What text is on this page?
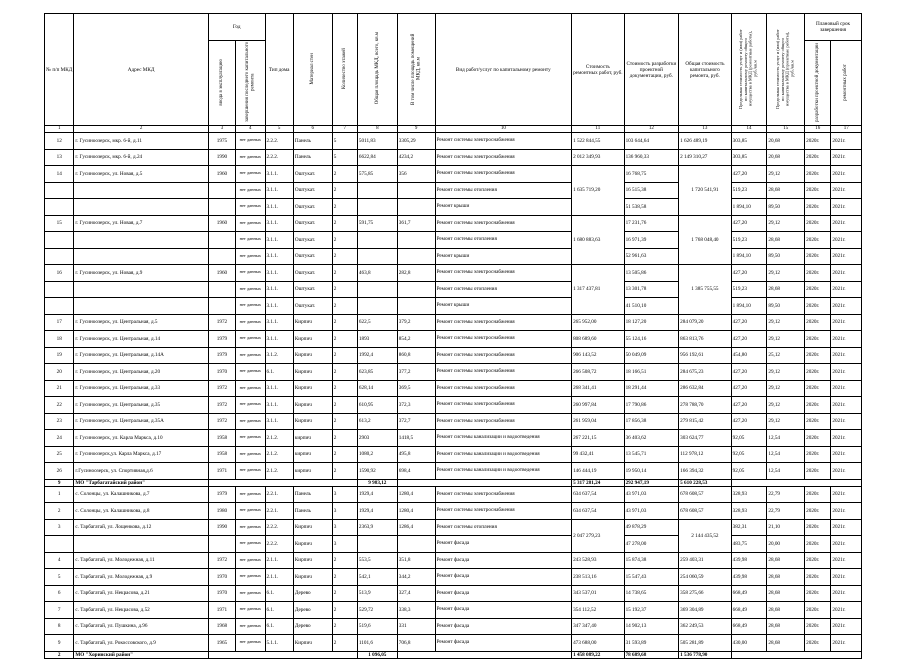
№ п/п МКД	Адрес МКД	Год		Тип дома	Материал стен	Количество этажей	Общая площадь МКД, всего, кв.м	В том числе площадь помещений МКД, кв.м	Вид работ/услуг по капитальному ремонту	Стоимость ремонтных работ, руб.	Стоимость разработки проектной документации, руб.	Общая стоимость капитального ремонта, руб.	Предельная стоимость услуг и (или) работ по капитальному ремонту общего имущества в МКД (ремонтные работы), руб./кв.м	Предельная стоимость услуг и (или) работ по капитальному ремонту общего имущества в МКД (проектные работы), руб./кв.м	Плановый срок завершения	
		ввода в эксплуатацию	завершения последнего капитального ремонта												разработки проектной документации	ремонтных работ
1	2	3	4	5	6	7	8	9	10	11	12	13	14	15	16	17
12	г. Гусиноозерск, мкр. 6-й, д.11	1975	нет данных	2.2.2.	Панель	5	5011,83	3305,29	Ремонт системы электроснабжения	1 522 844,55	103 644,64	1 626 489,19	303,85	20,68	2020г.	2021г.
13	г. Гусиноозерск, мкр. 6-й, д.24	1990	нет данных	2.2.2.	Панель	5	6622,84	4234,2	Ремонт системы электроснабжения	2 012 349,93	136 960,33	2 149 310,27	303,85	20,68	2020г.	2021г.
14	г. Гусиноозерск, ул. Новая, д.5	1960	нет данных	3.1.1.	Оштукат.	2	575,85	356	Ремонт системы электроснабжения	1 635 719,20	16 768,75	1 720 541,91	427,20	29,12	2020г.	2021г.
			нет данных	3.1.1.	Оштукат.	2			Ремонт системы отопления		16 515,38		519,23	28,68	2020г.	2021г.
			нет данных	3.1.1.	Оштукат.	2			Ремонт крыши		51 538,58		1 894,10	89,50	2020г.	2021г.
15	г. Гусиноозерск, ул. Новая, д.7	1960	нет данных	3.1.1.	Оштукат.	2	591,75	361,7	Ремонт системы электроснабжения	1 680 883,63	17 231,76	1 768 048,40	427,20	29,12	2020г.	2021г.
			нет данных	3.1.1.	Оштукат.	2			Ремонт системы отопления		16 971,39		519,23	28,68	2020г.	2021г.
			нет данных	3.1.1.	Оштукат.	2			Ремонт крыши		52 961,63		1 894,10	89,50	2020г.	2021г.
16	г. Гусиноозерск, ул. Новая, д.9	1960	нет данных	3.1.1.	Оштукат.	2	463,8	282,8	Ремонт системы электроснабжения	1 317 437,81	13 505,86	1 385 755,55	427,20	29,12	2020г.	2021г.
			нет данных	3.1.1.	Оштукат.	2			Ремонт системы отопления		13 301,78		519,23	28,68	2020г.	2021г.
			нет данных	3.1.1.	Оштукат.	2			Ремонт крыши		41 510,10		1 894,10	89,50	2020г.	2021г.
17	г. Гусиноозерск, ул. Центральная, д.5	1972	нет данных	3.1.1.	Кирпич	2	622,5	379,2	Ремонт системы электроснабжения	265 952,00	18 127,20	284 079,20	427,20	29,12	2020г.	2021г.
18	г. Гусиноозерск, ул. Центральная, д.14	1979	нет данных	3.1.1.	Кирпич	2	1893	854,2	Ремонт системы электроснабжения	808 689,60	55 124,16	863 813,76	427,20	29,12	2020г.	2021г.
19	г. Гусиноозерск, ул. Центральная, д.14А	1979	нет данных	3.1.2.	Кирпич	2	1992,4	860,8	Ремонт системы электроснабжения	906 143,52	50 049,09	956 192,61	454,80	25,12	2020г.	2021г.
20	г. Гусиноозерск, ул. Центральная, д.20	1970	нет данных	6.1.	Кирпич	2	623,85	377,2	Ремонт системы электроснабжения	266 508,72	18 166,51	284 675,23	427,20	29,12	2020г.	2021г.
21	г. Гусиноозерск, ул. Центральная, д.33	1972	нет данных	3.1.1.	Кирпич	2	628,14	369,5	Ремонт системы электроснабжения	268 341,41	18 291,44	286 632,84	427,20	29,12	2020г.	2021г.
22	г. Гусиноозерск, ул. Центральная, д.35	1972	нет данных	3.1.1.	Кирпич	2	610,95	372,3	Ремонт системы электроснабжения	260 997,84	17 790,86	278 788,70	427,20	29,12	2020г.	2021г.
23	г. Гусиноозерск, ул. Центральная, д.35А	1972	нет данных	3.1.1.	Кирпич	2	613,2	372,7	Ремонт системы электроснабжения	261 959,04	17 856,38	279 815,42	427,20	29,12	2020г.	2021г.
24	г. Гусиноозерск, ул. Карла Маркса, д.10	1958	нет данных	2.1.2.	кирпич	2	2903	1418,5	Ремонт системы канализации и водоотведения	267 221,15	36 403,62	303 624,77	92,05	12,54	2020г.	2021г.
25	г. Гусиноозерск,ул. Карла Маркса, д.17	1958	нет данных	2.1.2.	кирпич	2	1080,2	495,8	Ремонт системы канализации и водоотведения	99 432,41	13 545,71	112 978,12	92,05	12,54	2020г.	2021г.
26	г.Гусиноозерск, ул. Спортивная,д.6	1971	нет данных	2.1.2.	кирпич	2	1590,92	698,4	Ремонт системы канализации и водоотведения	146 444,19	19 950,14	166 394,32	92,05	12,54	2020г.	2021г.
9	МО "Тарбагатайский район"						9 983,12			5 317 281,24	292 947,19	5 610 228,53				
1	с. Солонцы, ул. Калашникова, д.7	1979	нет данных	2.2.1.	Панель	3	1929,4	1280,4	Ремонт системы электроснабжения	634 637,54	43 971,03	678 608,57	328,93	22,79	2020г.	2021г.
2	с. Солонцы, ул. Калашникова, д.8	1980	нет данных	2.2.1.	Панель	3	1929,4	1280,4	Ремонт системы электроснабжения	634 637,54	43 971,03	678 608,57	328,93	22,79	2020г.	2021г.
3	с. Тарбагатай, ул. Лощенкова, д.12	1990	нет данных	2.2.2.	Кирпич	3	2363,9	1286,4	Ремонт системы отопления	2 047 279,23	49 878,29	2 144 435,52	382,31	21,10	2020г.	2021г.
			нет данных	2.2.2.	Кирпич	3			Ремонт фасада		47 278,00		483,75	20,00	2020г.	2021г.
4	с. Тарбагатай, ул. Молодежная, д.11	1972	нет данных	2.1.1.	Кирпич	2	553,5	351,8	Ремонт фасада	243 528,93	15 874,38	259 403,31	439,98	28,68	2020г.	2021г.
5	с. Тарбагатай, ул. Молодежная, д.9	1970	нет данных	2.1.1.	Кирпич	2	542,1	344,2	Ремонт фасада	238 513,16	15 547,43	254 060,59	439,98	28,68	2020г.	2021г.
6	с. Тарбагатай, ул. Некрасова, д.21	1970	нет данных	6.1.	Дерево	2	513,9	327,4	Ремонт фасада	343 537,01	14 738,65	358 275,66	668,49	28,68	2020г.	2021г.
7	с. Тарбагатай, ул. Некрасова, д.52	1971	нет данных	6.1.	Дерево	2	529,72	338,3	Ремонт фасада	354 112,52	15 192,37	369 304,89	668,49	28,68	2020г.	2021г.
8	с. Тарбагатай, ул. Пушкина, д.96	1968	нет данных	6.1.	Дерево	2	519,6	331	Ремонт фасада	347 347,40	14 902,13	362 249,53	668,49	28,68	2020г.	2021г.
9	с. Тарбагатай, ул. Рокоссовского, д.9	1965	нет данных	5.1.1.	Кирпич	2	1101,6	706,8	Ремонт фасада	473 688,00	31 593,89	505 281,89	430,00	28,68	2020г.	2021г.
2	МО "Хоринский район"						1 096,05			1 458 089,22	78 689,68	1 536 778,90				
